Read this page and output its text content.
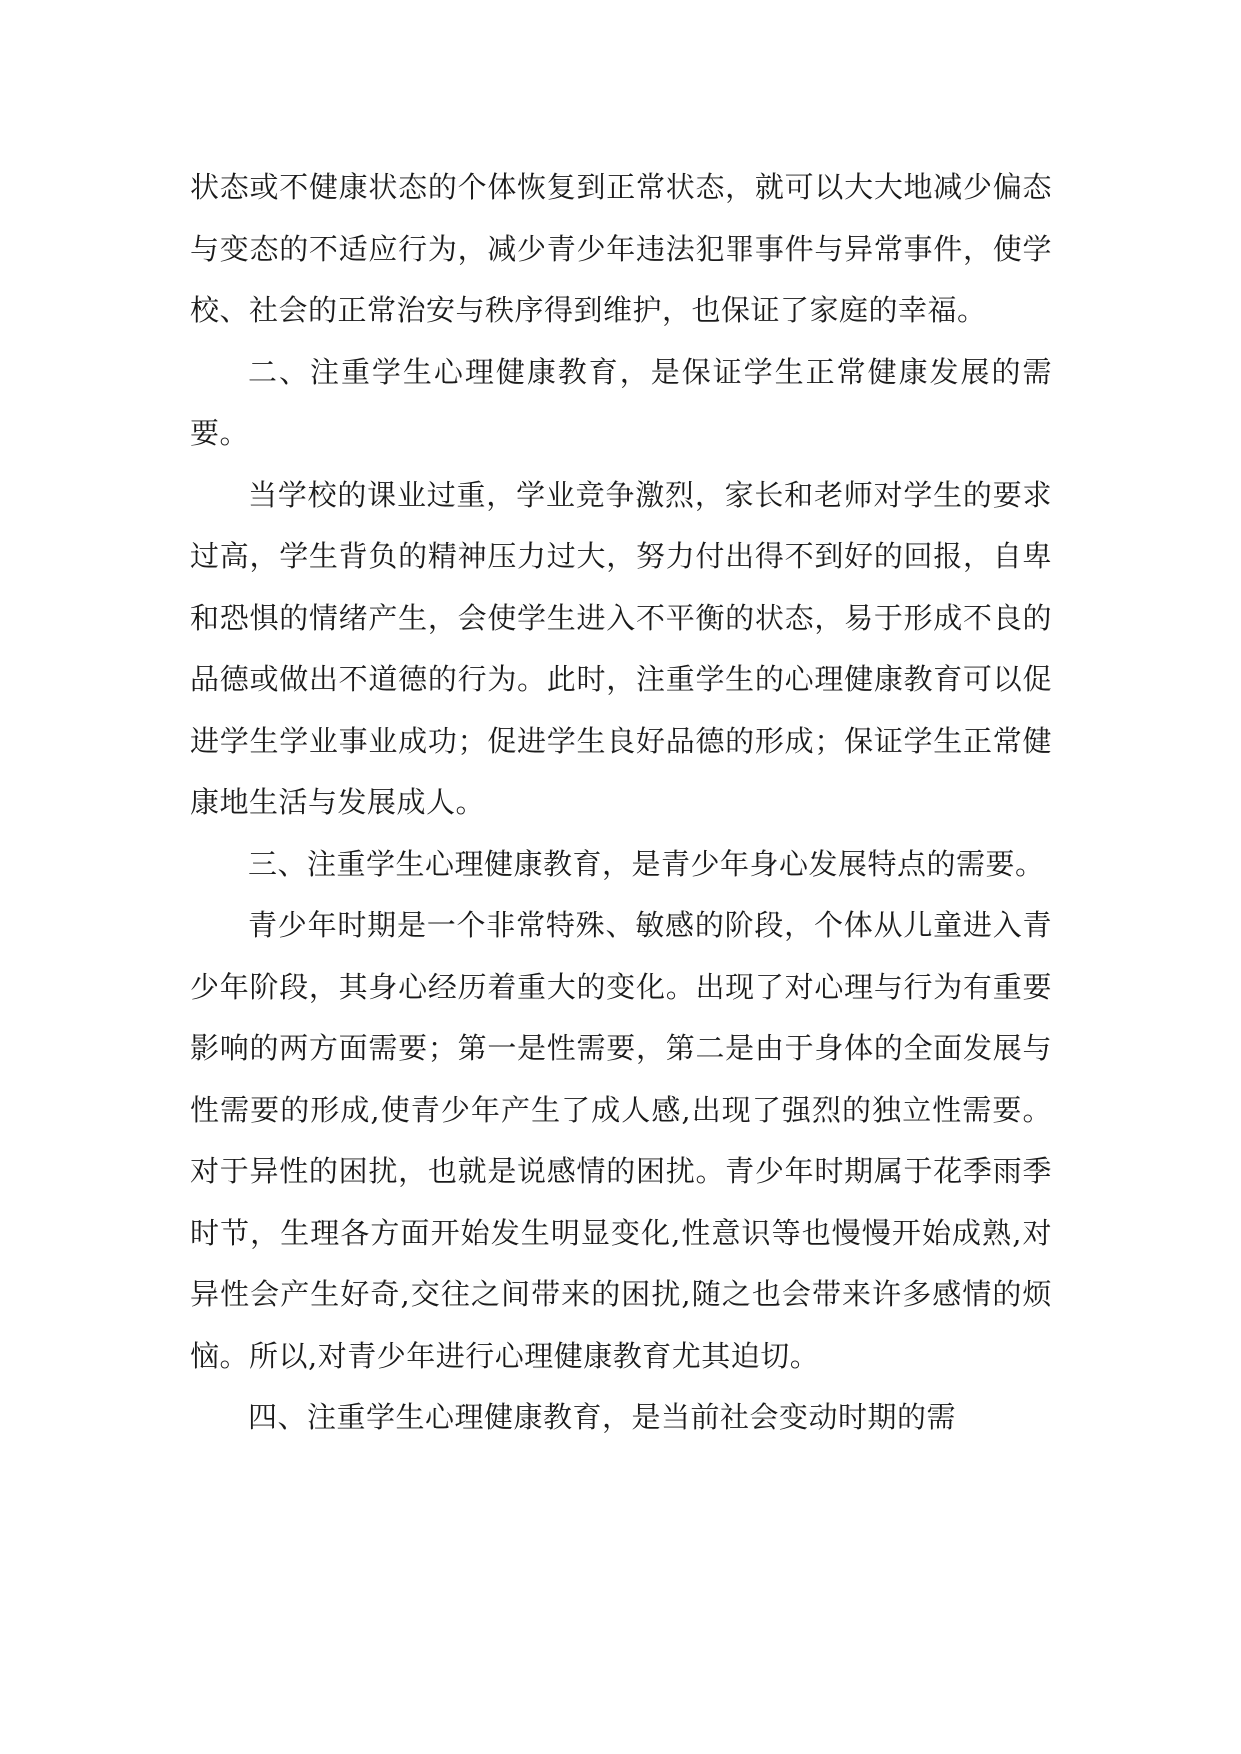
状态或不健康状态的个体恢复到正常状态，就可以大大地减少偏态与变态的不适应行为，减少青少年违法犯罪事件与异常事件，使学校、社会的正常治安与秩序得到维护，也保证了家庭的幸福。

二、注重学生心理健康教育，是保证学生正常健康发展的需要。

当学校的课业过重，学业竞争激烈，家长和老师对学生的要求过高，学生背负的精神压力过大，努力付出得不到好的回报，自卑和恐惧的情绪产生，会使学生进入不平衡的状态，易于形成不良的品德或做出不道德的行为。此时，注重学生的心理健康教育可以促进学生学业事业成功；促进学生良好品德的形成；保证学生正常健康地生活与发展成人。

三、注重学生心理健康教育，是青少年身心发展特点的需要。

青少年时期是一个非常特殊、敏感的阶段，个体从儿童进入青少年阶段，其身心经历着重大的变化。出现了对心理与行为有重要影响的两方面需要；第一是性需要，第二是由于身体的全面发展与性需要的形成,使青少年产生了成人感,出现了强烈的独立性需要。对于异性的困扰，也就是说感情的困扰。青少年时期属于花季雨季时节，生理各方面开始发生明显变化,性意识等也慢慢开始成熟,对异性会产生好奇,交往之间带来的困扰,随之也会带来许多感情的烦恼。所以,对青少年进行心理健康教育尤其迫切。

四、注重学生心理健康教育，是当前社会变动时期的需
